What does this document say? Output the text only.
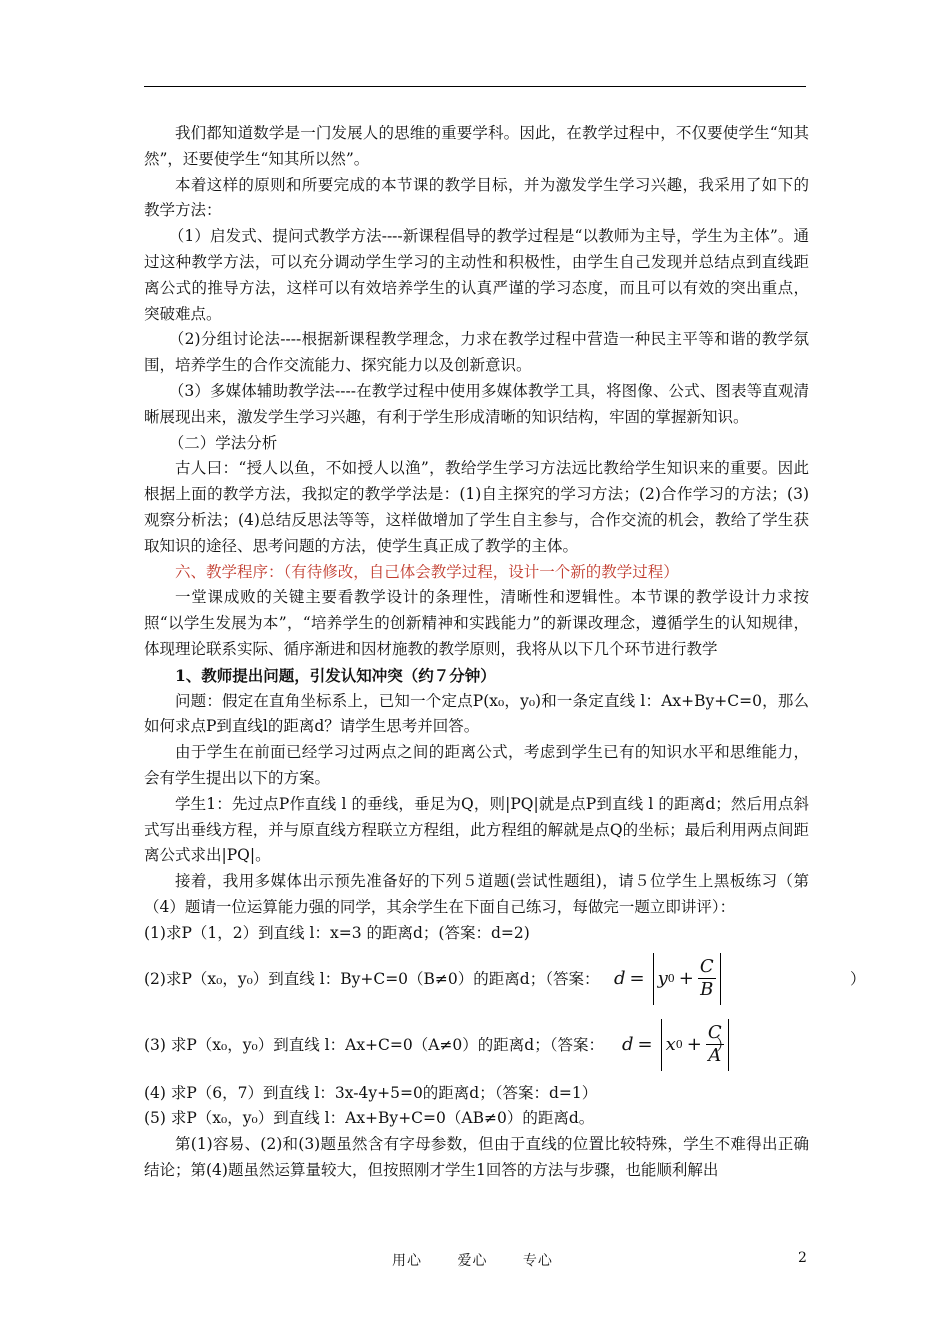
我们都知道数学是一门发展人的思维的重要学科。因此，在教学过程中，不仅要使学生“知其然”，还要使学生“知其所以然”。

本着这样的原则和所要完成的本节课的教学目标，并为激发学生学习兴趣，我采用了如下的教学方法：

（1）启发式、提问式教学方法----新课程倡导的教学过程是“以教师为主导，学生为主体”。通过这种教学方法，可以充分调动学生学习的主动性和积极性，由学生自己发现并总结点到直线距离公式的推导方法，这样可以有效培养学生的认真严谨的学习态度，而且可以有效的突出重点，突破难点。

（2)分组讨论法----根据新课程教学理念，力求在教学过程中营造一种民主平等和谐的教学氛围，培养学生的合作交流能力、探究能力以及创新意识。

（3）多媒体辅助教学法----在教学过程中使用多媒体教学工具，将图像、公式、图表等直观清晰展现出来，激发学生学习兴趣，有利于学生形成清晰的知识结构，牢固的掌握新知识。

（二）学法分析

古人曰：“授人以鱼，不如授人以渔”，教给学生学习方法远比教给学生知识来的重要。因此根据上面的教学方法，我拟定的教学学法是：(1)自主探究的学习方法；(2)合作学习的方法；(3)观察分析法；(4)总结反思法等等，这样做增加了学生自主参与，合作交流的机会，教给了学生获取知识的途径、思考问题的方法，使学生真正成了教学的主体。

六、教学程序：（有待修改，自己体会教学过程，设计一个新的教学过程）

一堂课成败的关键主要看教学设计的条理性，清晰性和逻辑性。本节课的教学设计力求按照“以学生发展为本”，“培养学生的创新精神和实践能力”的新课改理念，遵循学生的认知规律，体现理论联系实际、循序渐进和因材施教的教学原则，我将从以下几个环节进行教学

1、教师提出问题，引发认知冲突（约７分钟）

问题：假定在直角坐标系上，已知一个定点P(x₀，y₀)和一条定直线 l：Ax+By+C=0，那么如何求点P到直线l的距离d？请学生思考并回答。

由于学生在前面已经学习过两点之间的距离公式，考虑到学生已有的知识水平和思维能力，会有学生提出以下的方案。

学生1：先过点P作直线 l 的垂线，垂足为Q，则|PQ|就是点P到直线 l 的距离d；然后用点斜式写出垂线方程，并与原直线方程联立方程组，此方程组的解就是点Q的坐标；最后利用两点间距离公式求出|PQ|。

接着，我用多媒体出示预先准备好的下列５道题(尝试性题组)，请５位学生上黑板练习（第（4）题请一位运算能力强的同学，其余学生在下面自己练习，每做完一题立即讲评）：

(1)求P（1，2）到直线 l：x=3 的距离d；(答案：d=2)

(2)求P（x₀，y₀）到直线 l：By+C=0（B≠0）的距离d；（答案： d = y $0 + \frac{C}{B}$	）
(3) 求P（x₀，y₀）到直线 l：Ax+C=0（A≠0）的距离d；（答案： d = x $0 + \frac{C}{A}$
）

(4) 求P（6，7）到直线 l：3x-4y+5=0的距离d；（答案：d=1）

(5) 求P（x₀，y₀）到直线 l：Ax+By+C=0（AB≠0）的距离d。

第(1)容易、(2)和(3)题虽然含有字母参数，但由于直线的位置比较特殊，学生不难得出正确结论；第(4)题虽然运算量较大，但按照刚才学生1回答的方法与步骤，也能顺利解出

用心	爱心	专心	2
